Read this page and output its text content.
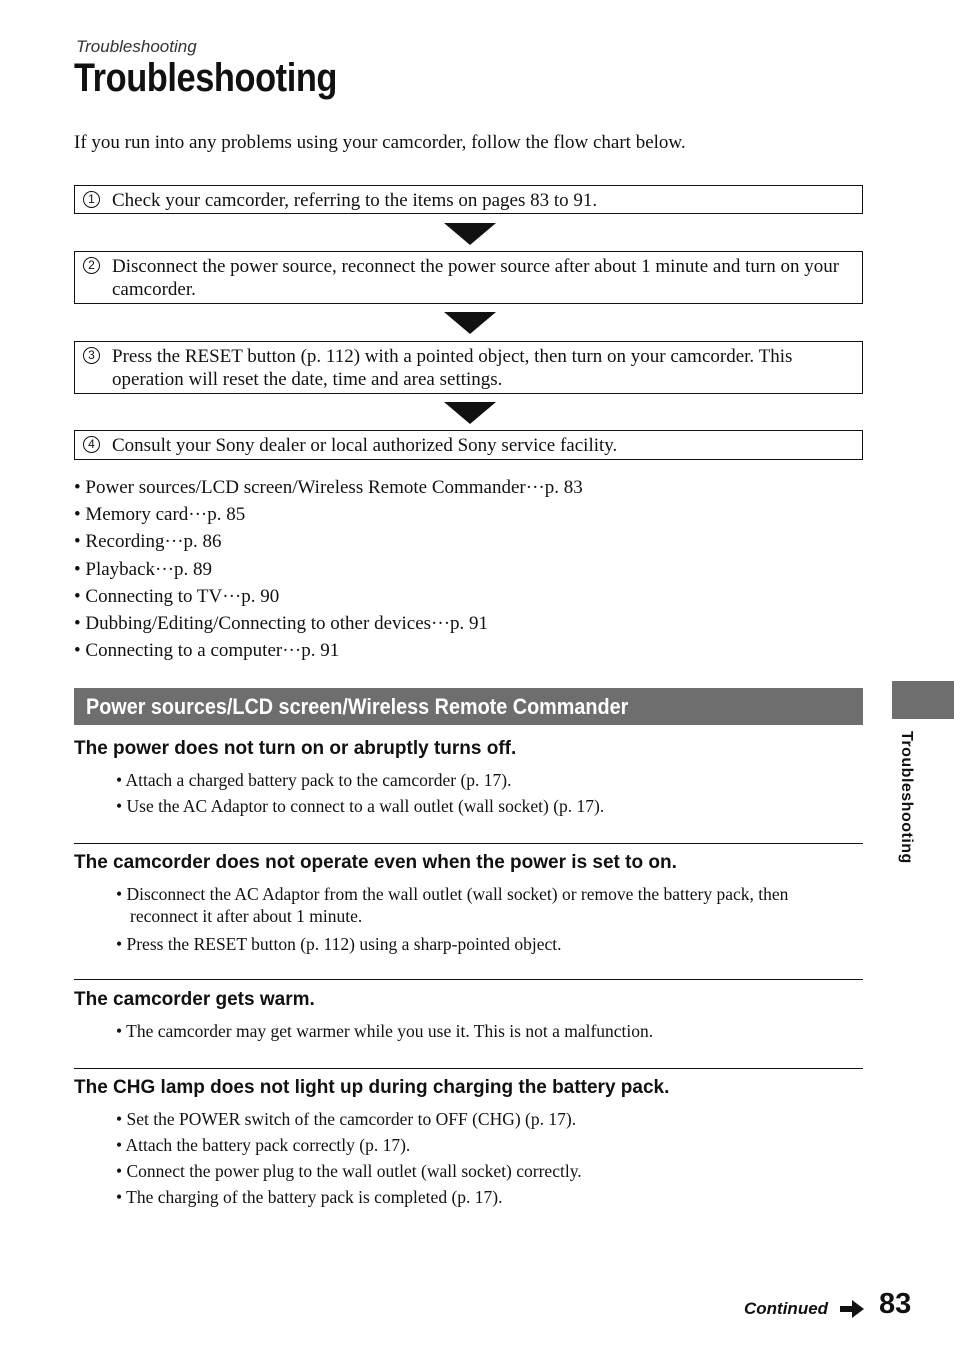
Troubleshooting
Troubleshooting
If you run into any problems using your camcorder, follow the flow chart below.
1 Check your camcorder, referring to the items on pages 83 to 91.
2 Disconnect the power source, reconnect the power source after about 1 minute and turn on your camcorder.
3 Press the RESET button (p. 112) with a pointed object, then turn on your camcorder. This operation will reset the date, time and area settings.
4 Consult your Sony dealer or local authorized Sony service facility.
• Power sources/LCD screen/Wireless Remote Commander···p. 83
• Memory card···p. 85
• Recording···p. 86
• Playback···p. 89
• Connecting to TV···p. 90
• Dubbing/Editing/Connecting to other devices···p. 91
• Connecting to a computer···p. 91
Power sources/LCD screen/Wireless Remote Commander
The power does not turn on or abruptly turns off.
• Attach a charged battery pack to the camcorder (p. 17).
• Use the AC Adaptor to connect to a wall outlet (wall socket) (p. 17).
The camcorder does not operate even when the power is set to on.
• Disconnect the AC Adaptor from the wall outlet (wall socket) or remove the battery pack, then reconnect it after about 1 minute.
• Press the RESET button (p. 112) using a sharp-pointed object.
The camcorder gets warm.
• The camcorder may get warmer while you use it. This is not a malfunction.
The CHG lamp does not light up during charging the battery pack.
• Set the POWER switch of the camcorder to OFF (CHG) (p. 17).
• Attach the battery pack correctly (p. 17).
• Connect the power plug to the wall outlet (wall socket) correctly.
• The charging of the battery pack is completed (p. 17).
Troubleshooting
Continued 83
